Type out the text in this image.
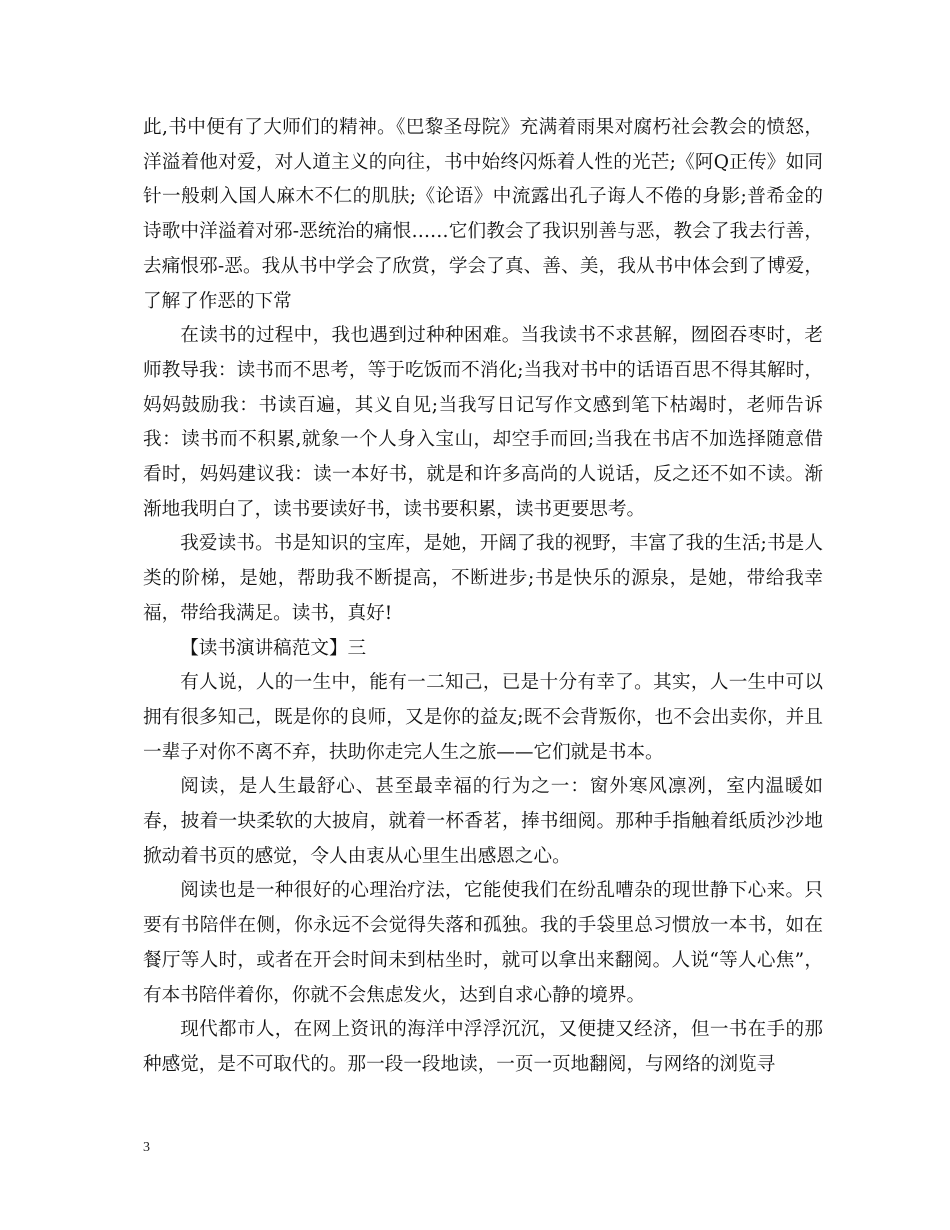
此,书中便有了大师们的精神。《巴黎圣母院》充满着雨果对腐朽社会教会的愤怒，洋溢着他对爱，对人道主义的向往，书中始终闪烁着人性的光芒;《阿Q正传》如同针一般刺入国人麻木不仁的肌肤;《论语》中流露出孔子诲人不倦的身影;普希金的诗歌中洋溢着对邪-恶统治的痛恨……它们教会了我识别善与恶，教会了我去行善，去痛恨邪-恶。我从书中学会了欣赏，学会了真、善、美，我从书中体会到了博爱，了解了作恶的下常

在读书的过程中，我也遇到过种种困难。当我读书不求甚解，囫囵吞枣时，老师教导我：读书而不思考，等于吃饭而不消化;当我对书中的话语百思不得其解时，妈妈鼓励我：书读百遍，其义自见;当我写日记写作文感到笔下枯竭时，老师告诉我：读书而不积累,就象一个人身入宝山，却空手而回;当我在书店不加选择随意借看时，妈妈建议我：读一本好书，就是和许多高尚的人说话，反之还不如不读。渐渐地我明白了，读书要读好书，读书要积累，读书更要思考。

我爱读书。书是知识的宝库，是她，开阔了我的视野，丰富了我的生活;书是人类的阶梯，是她，帮助我不断提高，不断进步;书是快乐的源泉，是她，带给我幸福，带给我满足。读书，真好!

【读书演讲稿范文】三

有人说，人的一生中，能有一二知己，已是十分有幸了。其实，人一生中可以拥有很多知己，既是你的良师，又是你的益友;既不会背叛你，也不会出卖你，并且一辈子对你不离不弃，扶助你走完人生之旅——它们就是书本。

阅读，是人生最舒心、甚至最幸福的行为之一：窗外寒风凛冽，室内温暖如春，披着一块柔软的大披肩，就着一杯香茗，捧书细阅。那种手指触着纸质沙沙地掀动着书页的感觉，令人由衷从心里生出感恩之心。

阅读也是一种很好的心理治疗法，它能使我们在纷乱嘈杂的现世静下心来。只要有书陪伴在侧，你永远不会觉得失落和孤独。我的手袋里总习惯放一本书，如在餐厅等人时，或者在开会时间未到枯坐时，就可以拿出来翻阅。人说“等人心焦”，有本书陪伴着你，你就不会焦虑发火，达到自求心静的境界。

现代都市人，在网上资讯的海洋中浮浮沉沉，又便捷又经济，但一书在手的那种感觉，是不可取代的。那一段一段地读，一页一页地翻阅，与网络的浏览寻

3
